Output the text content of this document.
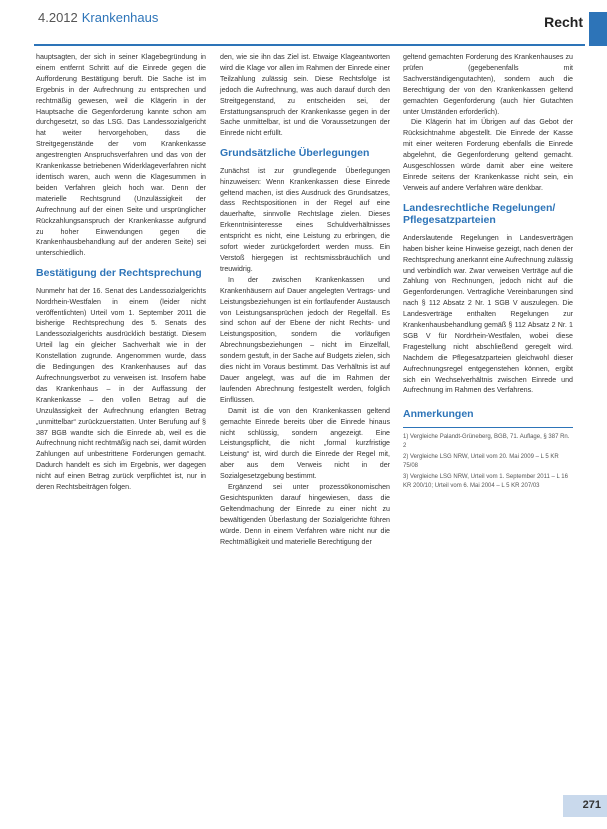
4.2012 Krankenhaus	Recht

hauptsagten, der sich in seiner Klagebegründung in einem entfernt Schritt auf die Einrede gegen die Aufforderung Bestätigung beruft. Die Sache ist im Ergebnis in der Aufrechnung zu entsprechen und rechtmäßig gewesen, weil die Klägerin in der Hauptsache die Gegenforderung kannte schon am durchgesetzt, so das LSG. Das Landessozialgericht hat weiter hervorgehoben, dass die Streitgegenstände der vom Krankenkasse angestrengten Anspruchsverfahren und das von der Krankenkasse betriebenen Widerklageverfahren nicht identisch waren, auch wenn die Klagesummen in beiden Verfahren gleich hoch war. Denn der materielle Rechtsgrund (Unzulässigkeit der Aufrechnung auf der einen Seite und ursprünglicher Rückzahlungsanspruch der Krankenkasse aufgrund zu hoher Einwendungen gegen die Krankenhausbehandlung auf der anderen Seite) sei unterschiedlich.

Bestätigung der Rechtsprechung

Nunmehr hat der 16. Senat des Landessozialgerichts Nordrhein-Westfalen in einem (leider nicht veröffentlichten) Urteil vom 1. September 2011 die bisherige Rechtsprechung des 5. Senats des Landessozialgerichts ausdrücklich bestätigt. Diesem Urteil lag ein gleicher Sachverhalt wie in der Konstellation zugrunde. Angenommen wurde, dass die Bedingungen des Krankenhauses auf das Aufrechnungsverbot zu verweisen ist. Insofern habe das Krankenhaus – in der Auffassung der Krankenkasse – den vollen Betrag auf die Unzulässigkeit der Aufrechnung erlangten Betrag „unmittelbar“ zurückzuerstatten. Unter Berufung auf § 387 BGB wandte sich die Einrede ab, weil es die Aufrechnung nicht rechtmäßig nach sei, damit würden Zahlungen auf unbestrittene Forderungen gemacht. Dadurch handelt es sich im Ergebnis, wer dagegen nicht auf einen Betrag zurück verpflichtet ist, nur in deren Rechtsbeiträgen folgen.

den, wie sie ihn das Ziel ist. Etwaige Klageantworten wird die Klage vor allen im Rahmen der Einrede einer Teilzahlung zulässig sein. Diese Rechtsfolge ist jedoch die Aufrechnung, was auch darauf durch den Streitgegenstand, zu entscheiden sei, der Erstattungsanspruch der Krankenkasse gegen in der Sache unmittelbar, ist und die Voraussetzungen der Einrede nicht erfüllt.

Grundsätzliche Überlegungen

Zunächst ist zur grundlegende Überlegungen hinzuweisen: Wenn Krankenkassen diese Einrede geltend machen, ist dies Ausdruck des Grundsatzes, dass Rechtspositionen in der Regel auf eine dauerhafte, sinnvolle Rechtslage zielen. Dieses Erkenntnisinteresse eines Schuldverhältnisses entspricht es nicht, eine Leistung zu erbringen, die sofort wieder zurückgefordert werden muss. Ein Verstoß hiergegen ist rechtsmissbräuchlich und treuwidrig.

In der zwischen Krankenkassen und Krankenhäusern auf Dauer angelegten Vertrags- und Leistungsbeziehungen ist ein fortlaufender Austausch von Leistungsansprüchen jedoch der Regelfall. Es sind schon auf der Ebene der nicht Rechts- und Leistungsposition, sondern die vorläufigen Abrechnungsbeziehungen – nicht im Einzelfall, sondern gestuft, in der Sache auf Budgets zielen, sich dies nicht im Voraus bestimmt. Das Verhältnis ist auf Dauer angelegt, was auf die im Rahmen der laufenden Abrechnung festgestellt werden, folglich Einflüssen.

Damit ist die von den Krankenkassen geltend gemachte Einrede bereits über die Einrede hinaus nicht schlüssig, sondern angezeigt. Eine Leistungspflicht, die nicht „formal kurzfristige Leistung“ ist, wird durch die Einrede der Regel mit, aber aus dem Verweis nicht in der Sozialgesetzgebung bestimmt.

Ergänzend sei unter prozessökonomischen Gesichtspunkten darauf hingewiesen, dass die Geltendmachung der Einrede zu einer nicht zu bewältigenden Überlastung der Sozialgerichte führen würde. Denn in einem Verfahren wäre nicht nur die Rechtmäßigkeit und materielle Berechtigung der

geltend gemachten Forderung des Krankenhauses zu prüfen (gegebenenfalls mit Sachverständigengutachten), sondern auch die Berechtigung der von den Krankenkassen geltend gemachten Gegenforderung (auch hier Gutachten unter Umständen erforderlich).

Die Klägerin hat im Übrigen auf das Gebot der Rücksichtnahme abgestellt. Die Einrede der Kasse mit einer weiteren Forderung ebenfalls die Einrede abgelehnt, die Gegenforderung geltend gemacht. Ausgeschlossen würde damit aber eine weitere Einrede seitens der Krankenkasse nicht sein, ein Verweis auf andere Verfahren wäre denkbar.

Landesrechtliche Regelungen/ Pflegesatzparteien

Anderslautende Regelungen in Landesverträgen haben bisher keine Hinweise gezeigt, nach denen der Rechtsprechung anerkannt eine Aufrechnung zulässig und verbindlich war. Zwar verweisen Verträge auf die Zahlung von Rechnungen, jedoch nicht auf die Gegenforderungen. Vertragliche Vereinbarungen sind nach § 112 Absatz 2 Nr. 1 SGB V auszulegen. Die Landesverträge enthalten Regelungen zur Krankenhausbehandlung gemäß § 112 Absatz 2 Nr. 1 SGB V für Nordrhein-Westfalen, wobei diese Fragestellung nicht abschließend geregelt wird. Nachdem die Pflegesatzparteien gleichwohl dieser Aufrechnungsregel entgegenstehen können, ergibt sich ein Wechselverhältnis zwischen Einrede und Aufrechnung im Rahmen des Verfahrens.

Anmerkungen
1) Vergleiche Palandt-Grüneberg, BGB, 71. Auflage, § 387 Rn. 2
2) Vergleiche LSG NRW, Urteil vom 20. Mai 2009 – L 5 KR 75/08
3) Vergleiche LSG NRW, Urteil vom 1. September 2011 – L 16 KR 200/10; Urteil vom 6. Mai 2004 – L 5 KR 207/03
271
